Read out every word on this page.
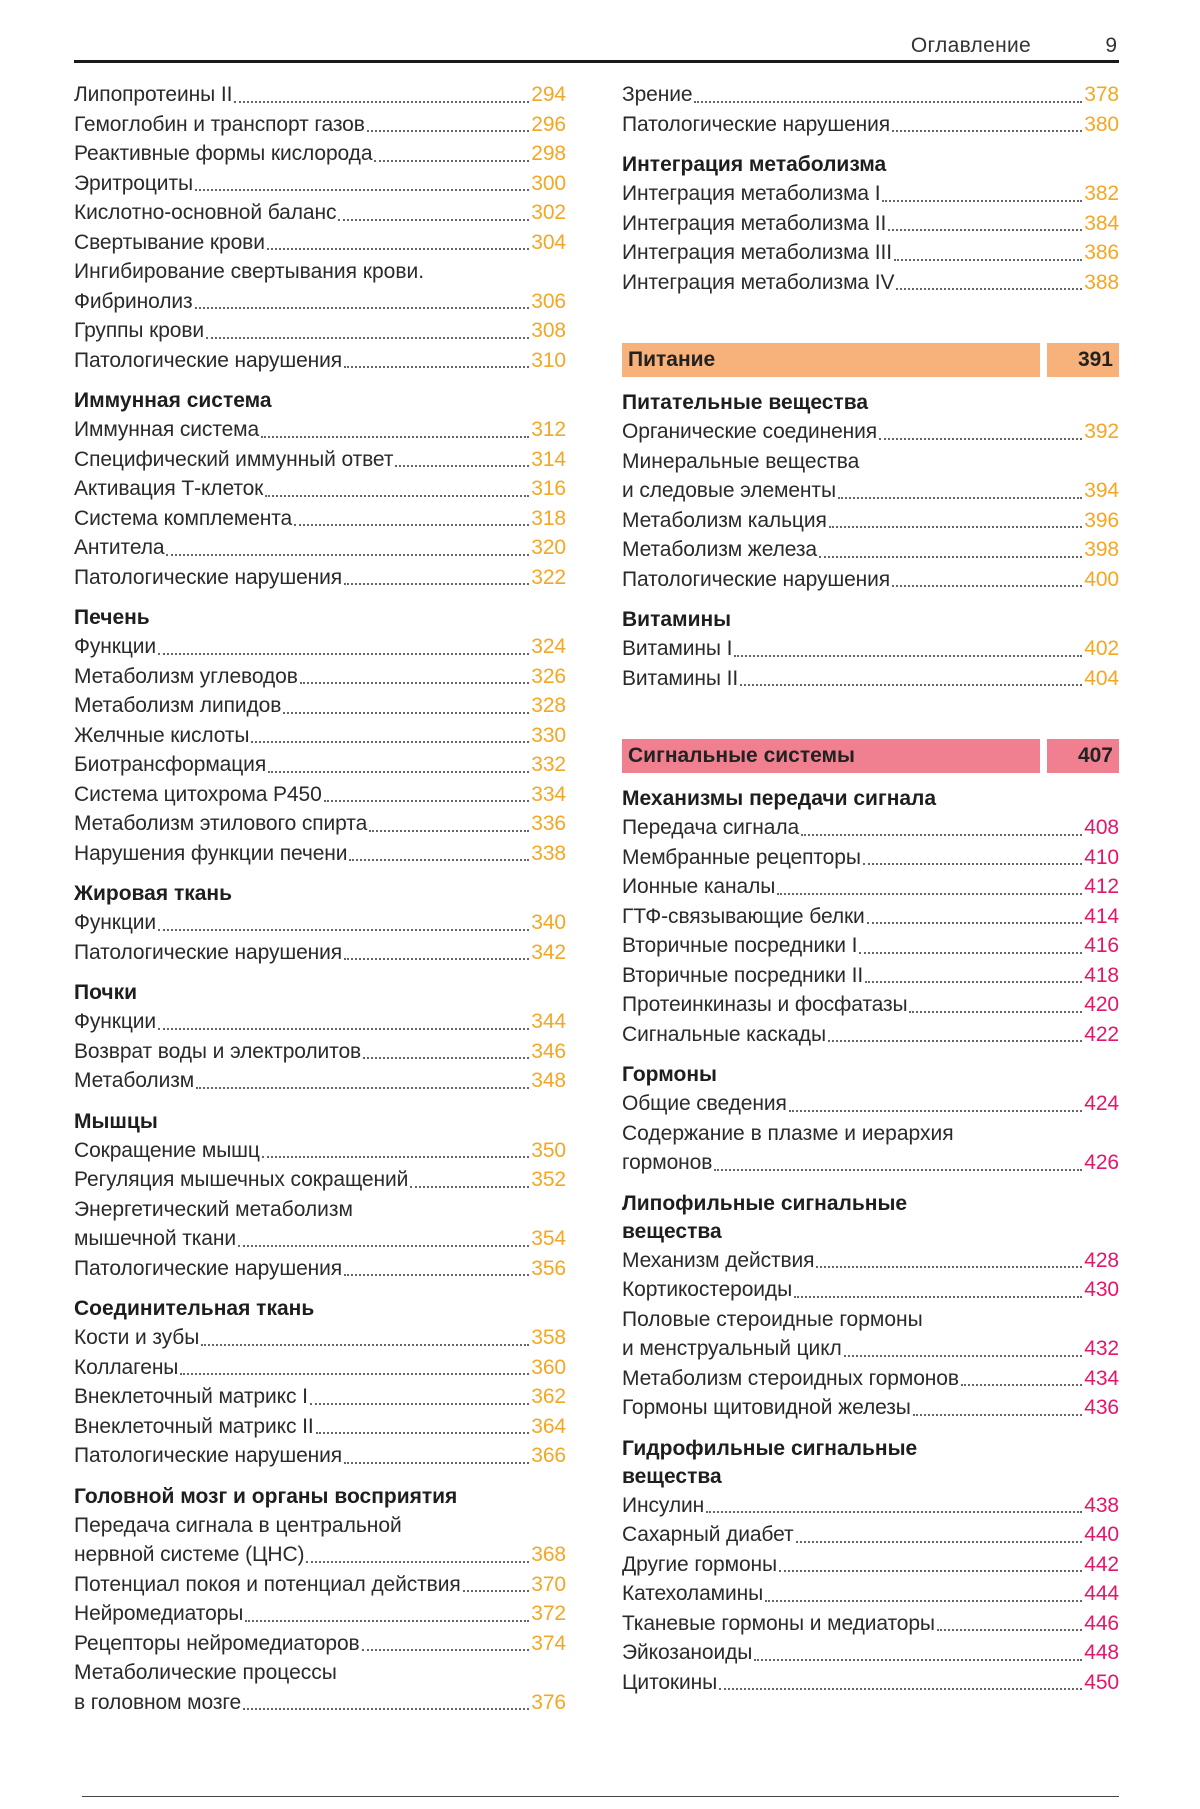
Оглавление	9
Липопротеины II	294
Гемоглобин и транспорт газов	296
Реактивные формы кислорода	298
Эритроциты	300
Кислотно-основной баланс	302
Свертывание крови	304
Ингибирование свертывания крови.
Фибринолиз	306
Группы крови	308
Патологические нарушения	310
Иммунная система
Иммунная система	312
Специфический иммунный ответ	314
Активация Т-клеток	316
Система комплемента	318
Антитела	320
Патологические нарушения	322
Печень
Функции	324
Метаболизм углеводов	326
Метаболизм липидов	328
Желчные кислоты	330
Биотрансформация	332
Система цитохрома Р450	334
Метаболизм этилового спирта	336
Нарушения функции печени	338
Жировая ткань
Функции	340
Патологические нарушения	342
Почки
Функции	344
Возврат воды и электролитов	346
Метаболизм	348
Мышцы
Сокращение мышц	350
Регуляция мышечных сокращений	352
Энергетический метаболизм
мышечной ткани	354
Патологические нарушения	356
Соединительная ткань
Кости и зубы	358
Коллагены	360
Внеклеточный матрикс I	362
Внеклеточный матрикс II	364
Патологические нарушения	366
Головной мозг и органы восприятия
Передача сигнала в центральной
нервной системе (ЦНС)	368
Потенциал покоя и потенциал действия	370
Нейромедиаторы	372
Рецепторы нейромедиаторов	374
Метаболические процессы
в головном мозге	376
Зрение	378
Патологические нарушения	380
Интеграция метаболизма
Интеграция метаболизма I	382
Интеграция метаболизма II	384
Интеграция метаболизма III	386
Интеграция метаболизма IV	388
Питание	391
Питательные вещества
Органические соединения	392
Минеральные вещества
и следовые элементы	394
Метаболизм кальция	396
Метаболизм железа	398
Патологические нарушения	400
Витамины
Витамины I	402
Витамины II	404
Сигнальные системы	407
Механизмы передачи сигнала
Передача сигнала	408
Мембранные рецепторы	410
Ионные каналы	412
ГТФ-связывающие белки	414
Вторичные посредники I	416
Вторичные посредники II	418
Протеинкиназы и фосфатазы	420
Сигнальные каскады	422
Гормоны
Общие сведения	424
Содержание в плазме и иерархия
гормонов	426
Липофильные сигнальные
вещества
Механизм действия	428
Кортикостероиды	430
Половые стероидные гормоны
и менструальный цикл	432
Метаболизм стероидных гормонов	434
Гормоны щитовидной железы	436
Гидрофильные сигнальные
вещества
Инсулин	438
Сахарный диабет	440
Другие гормоны	442
Катехоламины	444
Тканевые гормоны и медиаторы	446
Эйкозаноиды	448
Цитокины	450
